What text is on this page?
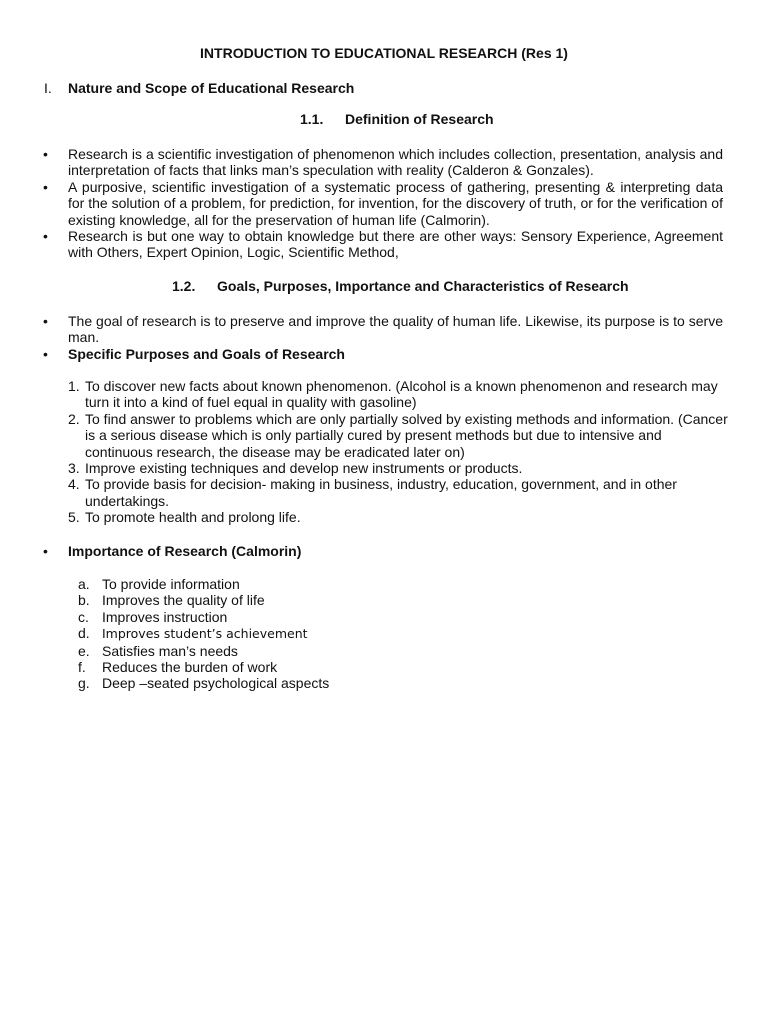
INTRODUCTION TO EDUCATIONAL RESEARCH (Res 1)
I. Nature and Scope of Educational Research
1.1. Definition of Research
• Research is a scientific investigation of phenomenon which includes collection, presentation, analysis and interpretation of facts that links man’s speculation with reality (Calderon & Gonzales).
• A purposive, scientific investigation of a systematic process of gathering, presenting & interpreting data for the solution of a problem, for prediction, for invention, for the discovery of truth, or for the verification of existing knowledge, all for the preservation of human life (Calmorin).
• Research is but one way to obtain knowledge but there are other ways: Sensory Experience, Agreement with Others, Expert Opinion, Logic, Scientific Method,
1.2. Goals, Purposes, Importance and Characteristics of Research
• The goal of research is to preserve and improve the quality of human life. Likewise, its purpose is to serve man.
• Specific Purposes and Goals of Research
1. To discover new facts about known phenomenon. (Alcohol is a known phenomenon and research may turn it into a kind of fuel equal in quality with gasoline)
2. To find answer to problems which are only partially solved by existing methods and information. (Cancer is a serious disease which is only partially cured by present methods but due to intensive and continuous research, the disease may be eradicated later on)
3. Improve existing techniques and develop new instruments or products.
4. To provide basis for decision- making in business, industry, education, government, and in other undertakings.
5. To promote health and prolong life.
• Importance of Research (Calmorin)
a. To provide information
b. Improves the quality of life
c. Improves instruction
d. Improves student’s achievement
e. Satisfies man’s needs
f. Reduces the burden of work
g. Deep –seated psychological aspects
